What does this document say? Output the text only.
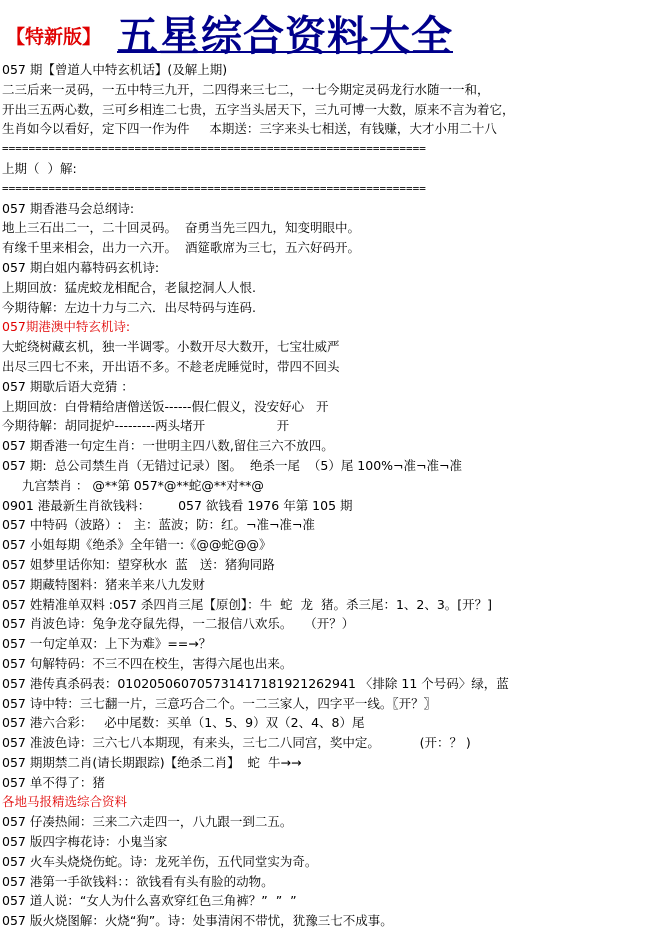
【特新版】 五星综合资料大全
057 期【曾道人中特玄机话】(及解上期)
二三后来一灵码，一五中特三九开，二四得来三七二，一七今期定灵码龙行水随一一和，
开出三五两心数，三可乡相连二七贵，五字当头居天下，三九可博一大数，原来不言为着它，
生肖如今以看好，定下四一作为件     本期送：三字来头七相送，有钱赚，大才小用二十八
================================================================
上期（  ）解:
================================================================
057 期香港马会总纲诗:
地上三石出二一，二十回灵码。  奋勇当先三四九，知变明眼中。
有缘千里来相会，出力一六开。  酒筵歌席为三七，五六好码开。
057 期白姐内幕特码玄机诗:
上期回放：猛虎蛟龙相配合，老鼠挖洞人人恨.
今期待解：左边十力与二六．出尽特码与连码.
057期港澳中特玄机诗:
大蛇绕树藏玄机，独一半调零。小数开尽大数开，七宝壮威严
出尽三四七不来，开出语不多。不趁老虎睡觉时，带四不回头
057 期歇后语大竞猜 ：
上期回放：白骨精给唐僧送饭------假仁假义，没安好心   开
今期待解：胡同捉炉---------两头堵开                  开
057 期香港一句定生肖：一世明主四八数,留住三六不放四。
057 期:  总公司禁生肖（无错过记录）图。  绝杀一尾  （5）尾 100%¬准¬准¬准
九宫禁肖 ： @**第 057*@**蛇@**对**@
0901 港最新生肖欲钱料：       057 欲钱看 1976 年第 105 期
057 中特码（波路）:   主：蓝波；防：红。¬准¬准¬准
057 小姐每期《绝杀》全年错一:《@@蛇@@》
057 姐梦里话你知：望穿秋水  蓝   送：猪狗同路
057 期藏特图料：猪来羊来八九发财
057 姓精准单双料 :057 杀四肖三尾【原创】：牛  蛇  龙  猪。杀三尾：1、2、3。[开？]
057 肖波色诗：兔争龙夺鼠先得，一二报信八欢乐。   （开？）
057 一句定单双：上下为难》==→？
057 句解特码：不三不四在校生，害得六尾也出来。
057 港传真杀码表：0102050607057314171819212629​41 〈排除 11 个号码〉绿，蓝
057 诗中特：三七翻一片，三意巧合二个。一二三家人，四字平一线。〖开？〗
057 港六合彩：   必中尾数：买单（1、5、9）双（2、4、8）尾
057 准波色诗：三六七八本期现，有来头，三七二八同宫，奖中定。          (开：？ )
057 期期禁二肖(请长期跟踪)【绝杀二肖】  蛇  牛→→
057 单不得了：猪
各地马报精选综合资料
057 仔凑热闹：三来二六走四一，八九跟一到二五。
057 版四字梅花诗：小鬼当家
057 火车头烧烧伤蛇。诗：龙死羊伤，五代同堂实为奇。
057 港第一手欲钱料：：欲钱看有头有脸的动物。
057 道人说：“女人为什么喜欢穿红色三角裤？”  ”  ”
057 版火烧图解：火烧“狗”。诗：处事清闲不带忧，犹豫三七不成事。
